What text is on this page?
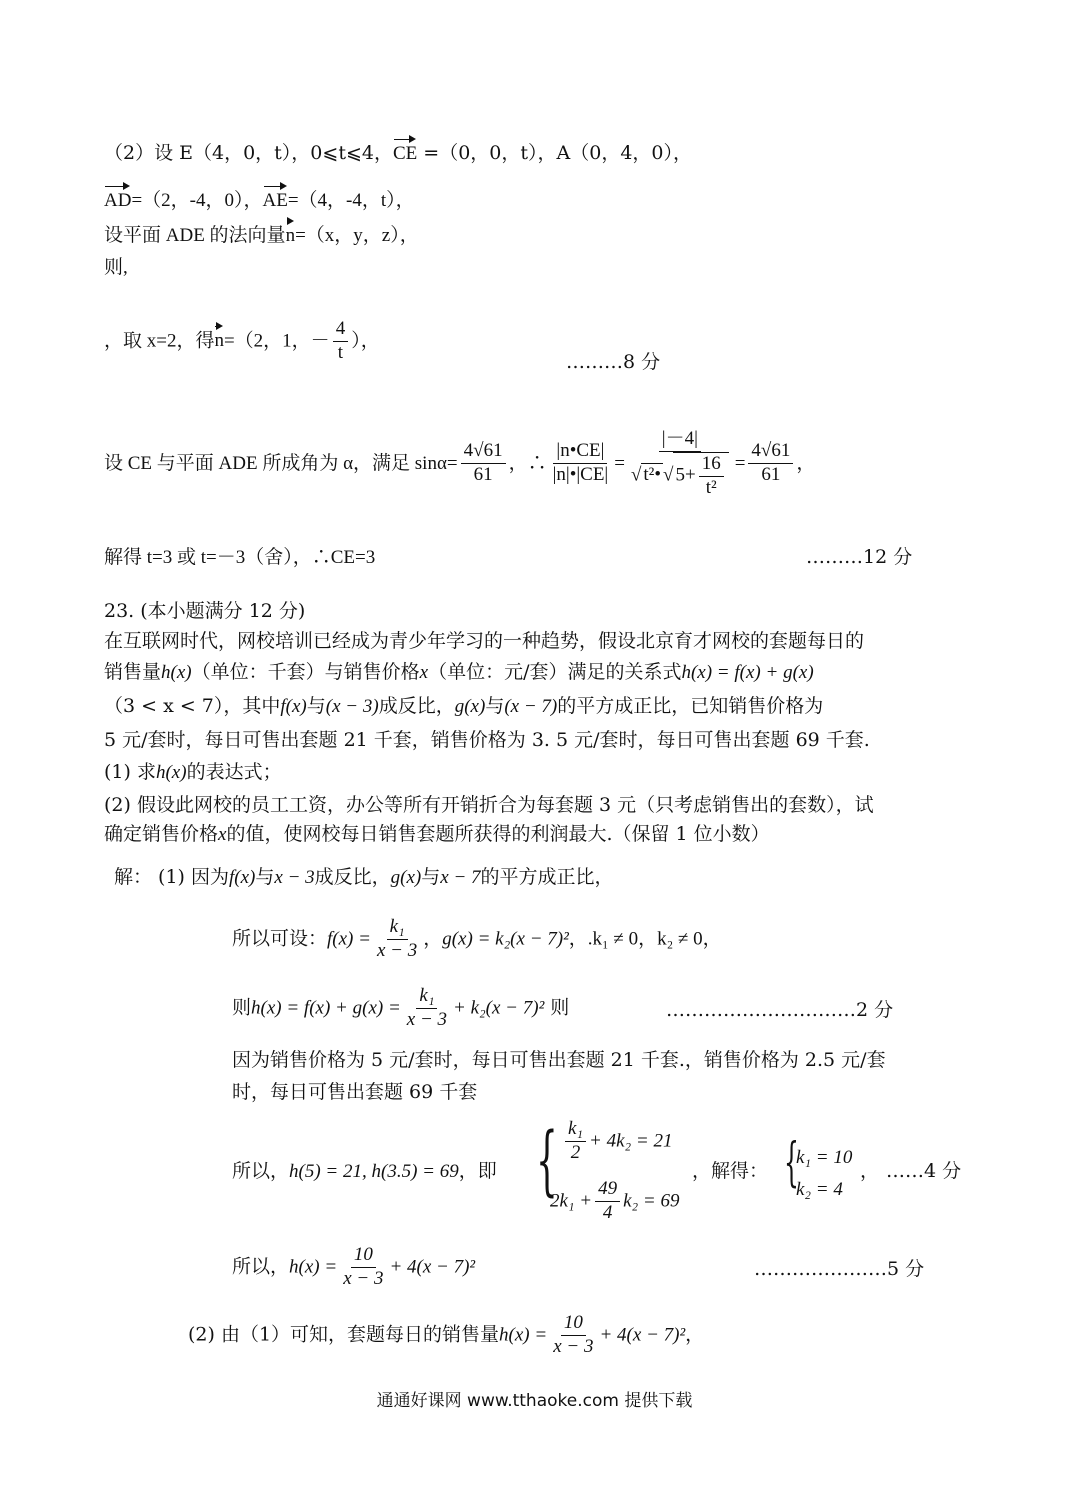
（2）设 E（4，0，t），0⩽t⩽4，CE =（0，0，t），A（0，4，0），
AD=（2，-4，0），AE=（4，-4，t），
设平面 ADE 的法向量n=（x，y，z），
则,
，取 x=2，得n=（2，1，－ $\frac{4}{t}$ ），
………8 分
设 CE 与平面 ADE 所成角为 α，满足 $\sin\alpha= \frac{4√61}{61}$ ，∴ $\frac{|n•CE|}{|n|•|CE|} = \frac{|-4|}{√ t^2• √ 5+ \frac{16}{\text{t²}}} = \frac{4√61}{61}$ ，
解得 t=3 或 t=－3（舍），∴CE=3	………12 分
23. (本小题满分 12 分)
在互联网时代，网校培训已经成为青少年学习的一种趋势，假设北京育才网校的套题每日的
销售量h(x)（单位：千套）与销售价格x（单位：元/套）满足的关系式h(x) = f(x) + g(x)
（3 < x < 7），其中f(x)与(x − 3)成反比，g(x)与(x − 7)的平方成正比，已知销售价格为
5 元/套时，每日可售出套题 21 千套，销售价格为 3. 5 元/套时，每日可售出套题 69 千套.
(1) 求h(x)的表达式；
(2) 假设此网校的员工工资，办公等所有开销折合为每套题 3 元（只考虑销售出的套数），试
确定销售价格x的值，使网校每日销售套题所获得的利润最大.（保留 1 位小数）
解： (1) 因为f(x)与x − 3成反比，g(x)与x − 7的平方成正比，
所以可设：$f(x) = \frac{\text{k₁}}{x - 3}$ ，g(x) = k₂(x − 7)²，.k₁ ≠ 0，k₂ ≠ 0，
则$h(x) = f(x) + g(x) = \frac{\text{k₁}}{x - 3} + k_2(x - 7)^2$ 则	…………………………2 分
因为销售价格为 5 元/套时，每日可售出套题 21 千套.，销售价格为 2.5 元/套
时，每日可售出套题 69 千套
所以，h(5) = 21, h(3.5) = 69，即 { $\frac{\text{k₁}}{2} + 4k_2 = 21$
$2k_1 + \frac{49}{4} k_2 = 69$
，解得： {
k₁ = 10
k₂ = 4
， ……4 分
所以，$h(x) = \frac{10}{x - 3} + 4(x - 7)^2$	…………………5 分
(2) 由（1）可知，套题每日的销售量$h(x) = \frac{10}{x - 3} + 4(x - 7)^2$，
通通好课网 www.tthaoke.com 提供下载
